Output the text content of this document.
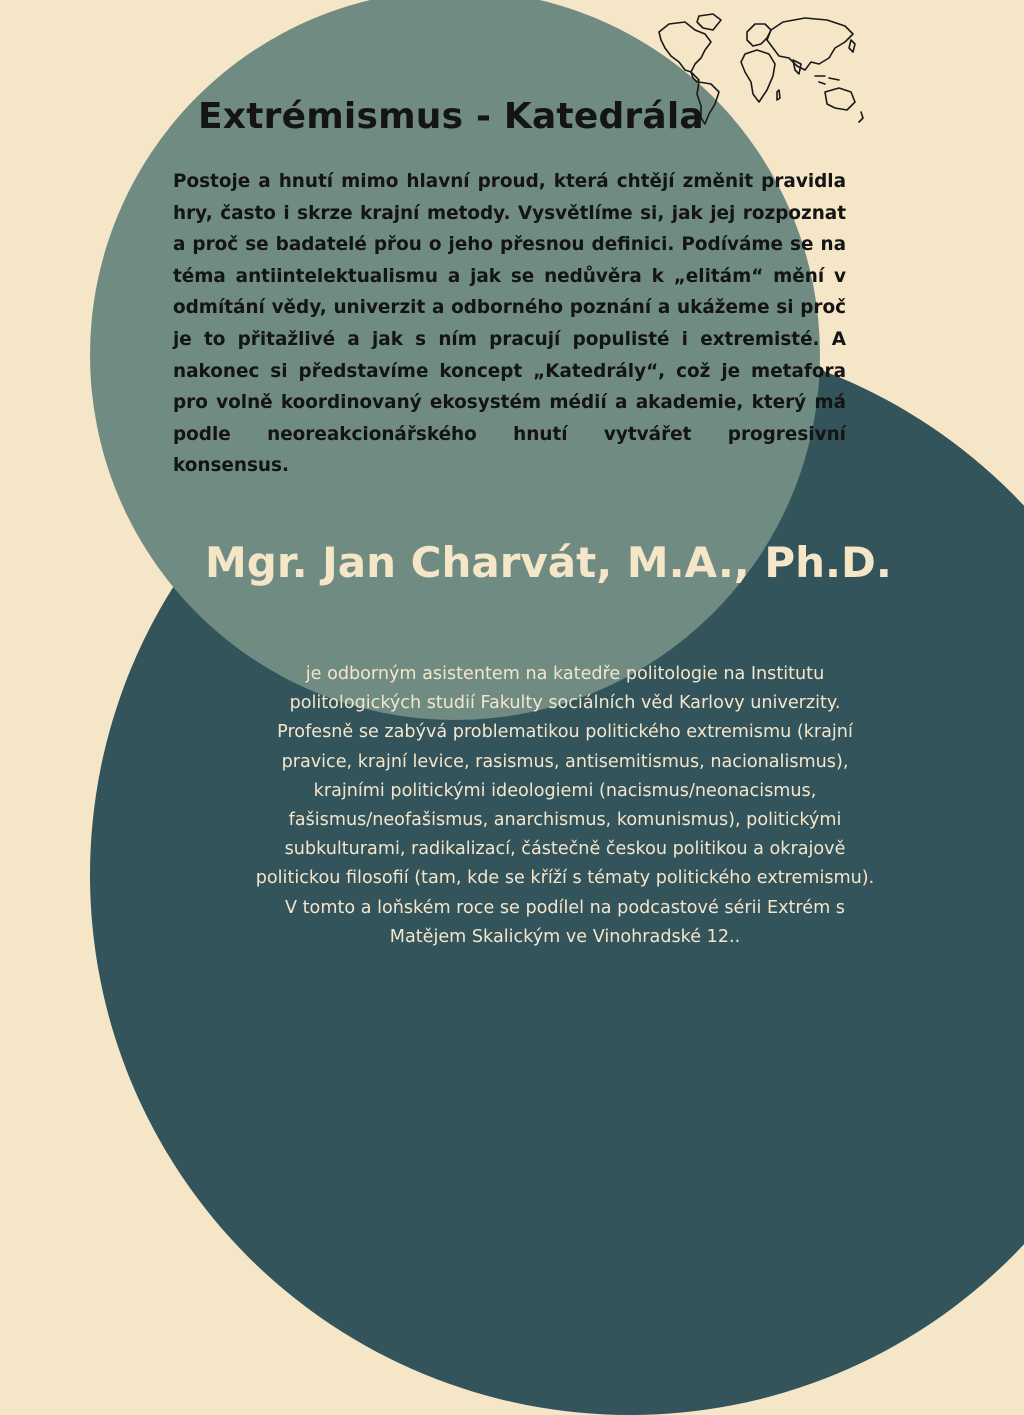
Extrémismus - Katedrála

Postoje a hnutí mimo hlavní proud, která chtějí změnit pravidla hry, často i skrze krajní metody. Vysvětlíme si, jak jej rozpoznat a proč se badatelé přou o jeho přesnou definici. Podíváme se na téma antiintelektualismu a jak se nedůvěra k „elitám“ mění v odmítání vědy, univerzit a odborného poznání a ukážeme si proč je to přitažlivé a jak s ním pracují populisté i extremisté. A nakonec si představíme koncept „Katedrály“, což je metafora pro volně koordinovaný ekosystém médií a akademie, který má podle neoreakcionářského hnutí vytvářet progresivní konsensus.

Mgr. Jan Charvát, M.A., Ph.D.

je odborným asistentem na katedře politologie na Institutu politologických studií Fakulty sociálních věd Karlovy univerzity. Profesně se zabývá problematikou politického extremismu (krajní pravice, krajní levice, rasismus, antisemitismus, nacionalismus), krajními politickými ideologiemi (nacismus/neonacismus, fašismus/neofašismus, anarchismus, komunismus), politickými subkulturami, radikalizací, částečně českou politikou a okrajově politickou filosofií (tam, kde se kříží s tématy politického extremismu). V tomto a loňském roce se podílel na podcastové sérii Extrém s Matějem Skalickým ve Vinohradské 12..
